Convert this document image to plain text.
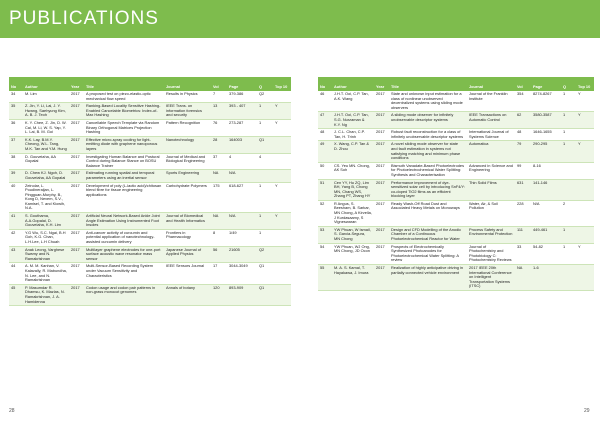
PUBLICATIONS
No	Author	Year	Title	Journal	Vol	Page	Q	Top 10
34	M. Lim	2017	A proposed test on piezo-elastic-optic mechanical flow speed	Results in Physics	7	379-386	Q2	
35	Z. Jin, Y. Li, Lai, J. Y. Hwang, Saehyung Kim, A. B. J. Teoh	2017	Ranking-Based Locality Sensitive Hashing-Enabled Cancelable Biometrics: Index-of-Max Hashing	IEEE Trans. on information forensics and security	13	393 - 407	1	Y
36	K. Y. Chee, Z. Jin, D. W. Cai, M. Li, W. S. Yap, Y. L. Lai, B. M. Goi	2017	Cancellable Speech Template via Random Binary Orthogonal Matrices Projection Hashing	Pattern Recognition	76	273-287	1	Y
37	K.K. Lay, B.M.Y. Cheong, W.L. Tang, M.K. Tan and Y.M. Hung	2017	Effective micro-spray cooling for light-emitting diode with graphene nanoporous layers	Nanotechnology	28	164003	Q1	
38	D. Gouveiaha, AA Gopalai	2017	Investigating Human Balance and Postural Control during Balance Stance on BOSU Balance Trainer	Journal of Medical and Biological Engineering	37	4	4	
39	D. Chew KJ. Ngoh, D. Gouveiaha, AA Gopalai	2017	Estimating running spatial and temporal parameters using an inertial sensor	Sports Engineering	NA	N/A		
40	Zeinolar, L. Poudineraijan, L. Pingguan-Murphy, B., Kong D, Nevem, S.V., Kamisel, T. and Kiowih, N.A.	2017	Development of poly (L-lactic acid)/chitosan blend fibre for tissue engineering applications	Carbohydrate Polymers	175	618-627	1	Y
41	S. Gouthama, A.A.Gopalai, D. Gouveiaha, K.H. Lim	2017	Artificial Neural Network-Based Ankle Joint Angle Estimation Using Instrumented Foot Insoles	Journal of Biomedical and Health Informatics	NA	N/A	1	Y
42	Y.G Wu, S.C. Ngai, B.H Goh, K.G. Chan, L.H.Lee, L.H Chuah	2017	Anti-cancer activity of curcumin and potential application of nanotechnology-assisted curcumin delivery	Frontiers in Pharmacology	8	1/49	1	
43	Anak Leong, Varghese Swamy and N. Ramakrishnan	2017	Multilayer graphene electrodes for one-port surface acoustic wave resonator mass sensor	Japanese Journal of Applied Physics	56	21605	Q2	
44	A. M. M. Kanhan, V. Kalavally, R. Mabundha, N. Lee, and N. Ramakrishnan	2017	Multi-Sensor-Based Recording System under Vacuum Sensitivity and Characteristics	IEEE Sensors Journal	17	3044-3049	Q1	
45	P. Masumdar R. Dhamsu, K. Mazlas, N. Ramakrishnan, J. A. Hamidenna	2017	Codon usage and codon pair patterns in non-grass monocot genomes	Annals of botany	120	893-909	Q1	
No	Author	Year	Title	Journal	Vol	Page	Q	Top 10
46	J.H.T. Ooi, C.P. Tan, A.K. Wang	2017	State and unknown input estimation for a class of nonlinear unobserved decentralized systems using sliding mode observers	Journal of the Franklin Institute	354	8274-8267	1	Y
47	J.H.T. Ooi, C.P. Tan, S.G. Nurzaman & K.Y. Ng	2017	A sliding mode observer for infinitely unobservable descriptor systems	IEEE Transactions on Automatic Control	62	3580-3587	1	Y
48	J. C.L. Chan, C.P. Tan, H. Trinh	2017	Robust fault reconstruction for a class of infinitely unobservable descriptor systems	International Journal of Systems Science	48	1646-1655	1	
49	X. Wang, C.P. Tan & D. Zhou	2017	A novel sliding mode observer for state and fault estimation in systems not satisfying matching and minimum phase conditions	Automatica	79	290-295	1	Y
50	CS. Yeu MN. Chong, AK Soh	2017	Bismuth Vanadate-Based Photoelectrodes for Photoelectrochemical Water Splitting: Synthesis and Characterisation	Advanced in Science and Engineering	99	8-16		
51	Cen YY, Hu ZQ, Lim BH, Yang B, Chong MN, Chang WS, Zhang PT, Zhang HY	2017	Performance improvement of dye-sensitized solar cell by introducing SnF4/Y: co-doped TiO2 films as an efficient blocking layer	Thin Solid Films	631	141-146		
52	R Angus, S. Beesham, B. Sarkar, MN Chong, A Kirvella, J Kurdasaamy, S Vigneswaran	2017	Ready Wash-Off Road Dust and Associated Heavy Metals on Monoways	Water, Air, & Soil Pollution	228	N/A	2	
53	YW Phuan, W Ismail, S. Garcia-Segura, MN Chong	2017	Design and CFD Modelling of the Anodic Chamber of a Continuous Photoelectrochemical Reactor for Water	Process Safety and Environmental Protection	111	449-461	1	
54	YW Phuan, WJ Ong, MN Chong, JD Ocon	2017	Prospects of Electrochemically Synthesized Photoanodes for Photoelectrochemical Water Splitting: A review	Journal of Photochemistry and Photobiology C: Photochemistry Reviews	33	54-82	1	Y
55	M. A. S. Kamal, T. Hayakawa, J. Imura	2017	Realization of highly anticipative driving in partially connected vehicle environment	2017 IEEE 20th International Conference on Intelligent Transportation Systems (ITSC)	NA	1-6		
28	29
